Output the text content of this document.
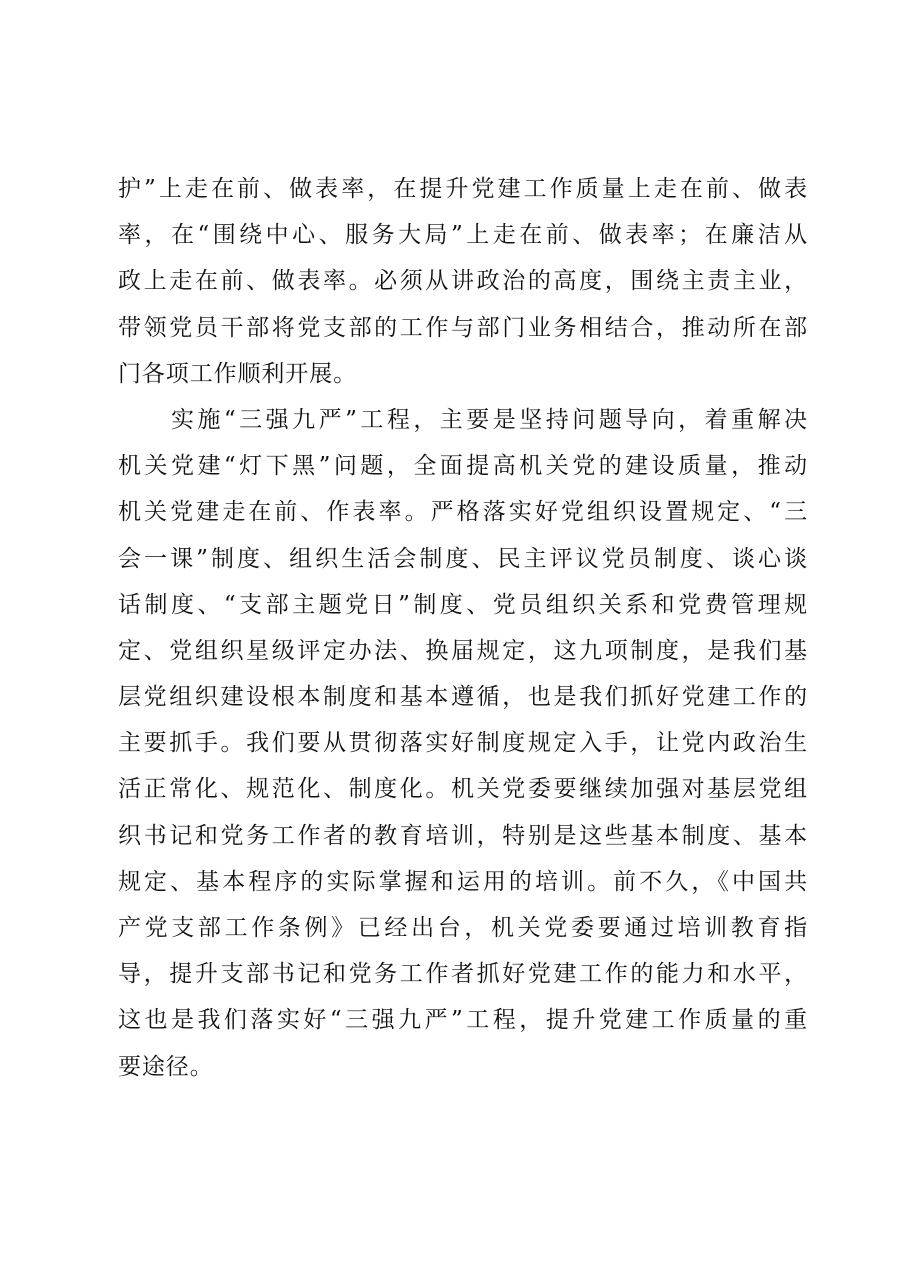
护”上走在前、做表率，在提升党建工作质量上走在前、做表
率，在“围绕中心、服务大局”上走在前、做表率；在廉洁从
政上走在前、做表率。必须从讲政治的高度，围绕主责主业，
带领党员干部将党支部的工作与部门业务相结合，推动所在部
门各项工作顺利开展。
　　实施“三强九严”工程，主要是坚持问题导向，着重解决
机关党建“灯下黑”问题，全面提高机关党的建设质量，推动
机关党建走在前、作表率。严格落实好党组织设置规定、“三
会一课”制度、组织生活会制度、民主评议党员制度、谈心谈
话制度、“支部主题党日”制度、党员组织关系和党费管理规
定、党组织星级评定办法、换届规定，这九项制度，是我们基
层党组织建设根本制度和基本遵循，也是我们抓好党建工作的
主要抓手。我们要从贯彻落实好制度规定入手，让党内政治生
活正常化、规范化、制度化。机关党委要继续加强对基层党组
织书记和党务工作者的教育培训，特别是这些基本制度、基本
规定、基本程序的实际掌握和运用的培训。前不久，《中国共
产党支部工作条例》已经出台，机关党委要通过培训教育指
导，提升支部书记和党务工作者抓好党建工作的能力和水平，
这也是我们落实好“三强九严”工程，提升党建工作质量的重
要途径。
